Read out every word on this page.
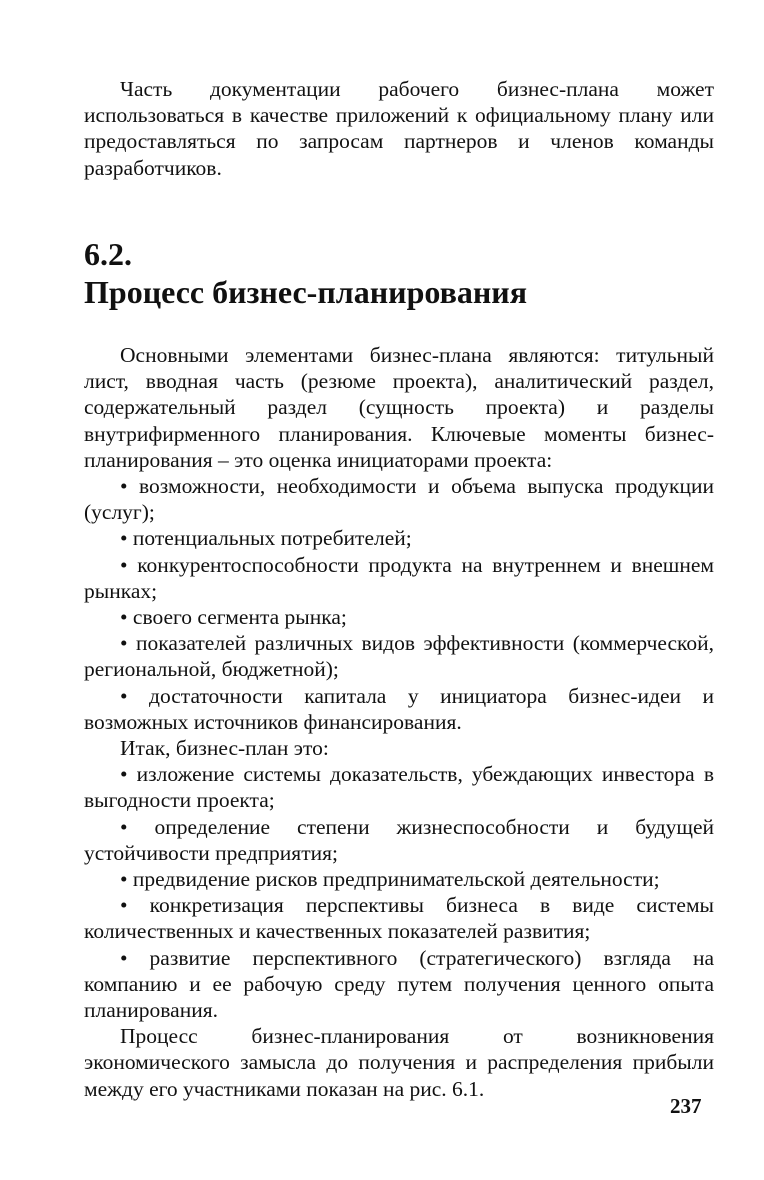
Часть документации рабочего бизнес-плана может использоваться в качестве приложений к официальному плану или предоставляться по запросам партнеров и членов команды разработчиков.

6.2.
Процесс бизнес-планирования

Основными элементами бизнес-плана являются: титульный лист, вводная часть (резюме проекта), аналитический раздел, содержательный раздел (сущность проекта) и разделы внутрифирменного планирования. Ключевые моменты бизнес-планирования – это оценка инициаторами проекта:

• возможности, необходимости и объема выпуска продукции (услуг);

• потенциальных потребителей;

• конкурентоспособности продукта на внутреннем и внешнем рынках;

• своего сегмента рынка;

• показателей различных видов эффективности (коммерческой, региональной, бюджетной);

• достаточности капитала у инициатора бизнес-идеи и возможных источников финансирования.

Итак, бизнес-план это:

• изложение системы доказательств, убеждающих инвестора в выгодности проекта;

• определение степени жизнеспособности и будущей устойчивости предприятия;

• предвидение рисков предпринимательской деятельности;

• конкретизация перспективы бизнеса в виде системы количественных и качественных показателей развития;

• развитие перспективного (стратегического) взгляда на компанию и ее рабочую среду путем получения ценного опыта планирования.

Процесс бизнес-планирования от возникновения экономического замысла до получения и распределения прибыли между его участниками показан на рис. 6.1.

237
